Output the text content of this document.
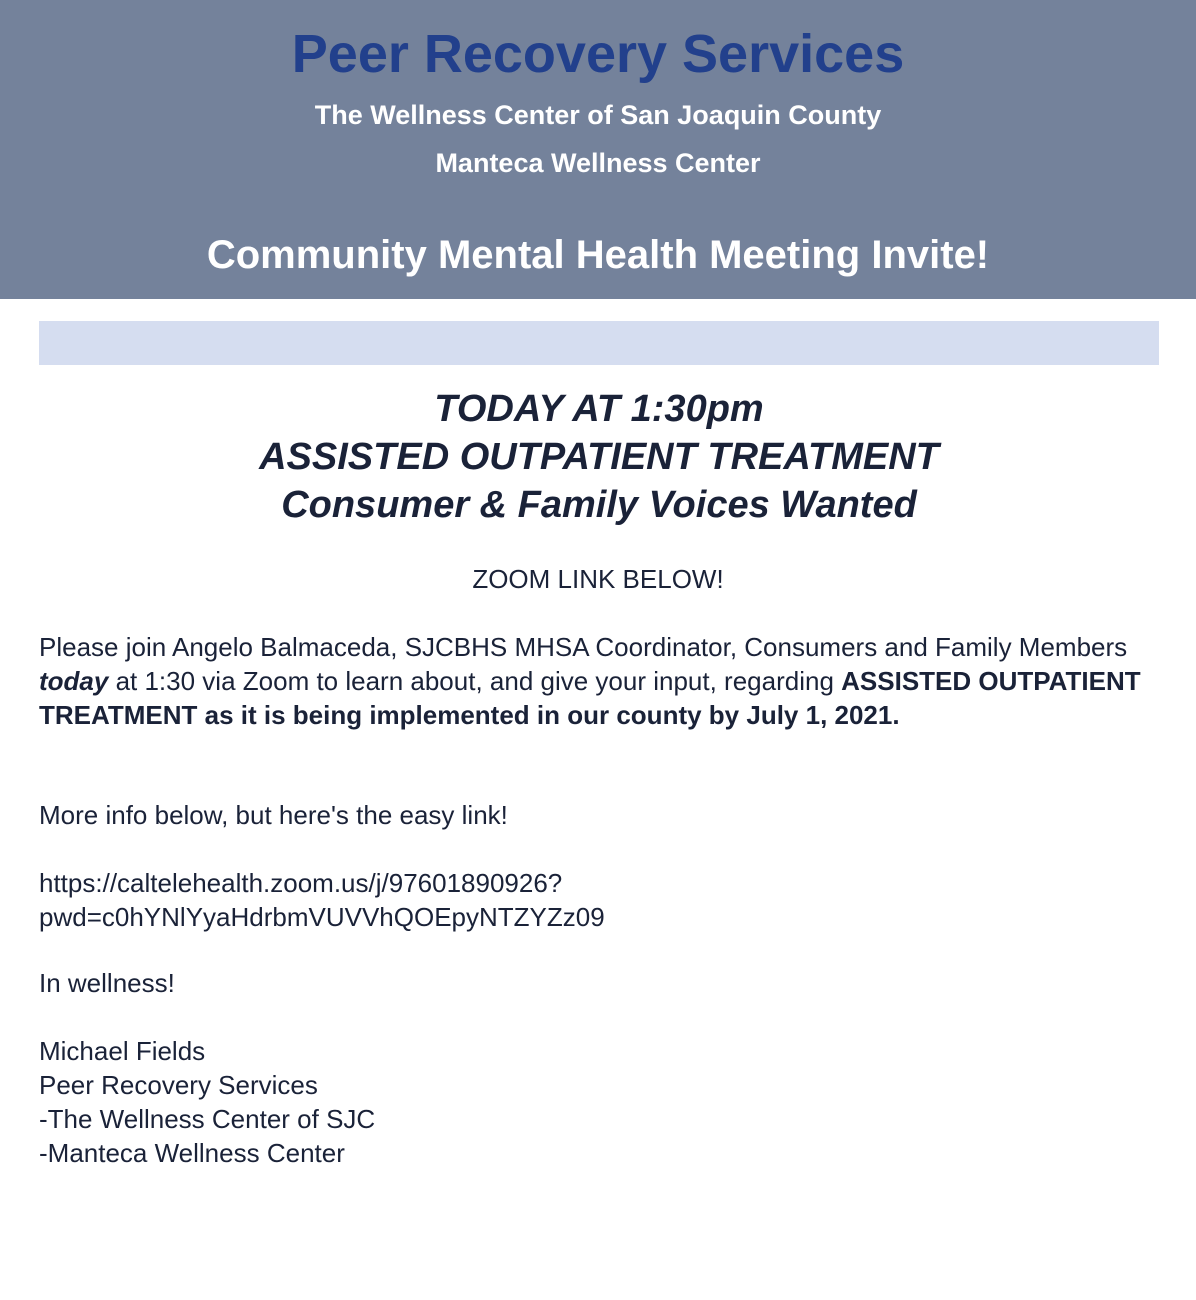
Peer Recovery Services
The Wellness Center of San Joaquin County
Manteca Wellness Center
Community Mental Health Meeting Invite!
TODAY AT 1:30pm
ASSISTED OUTPATIENT TREATMENT
Consumer & Family Voices Wanted
ZOOM LINK BELOW!
Please join Angelo Balmaceda, SJCBHS MHSA Coordinator, Consumers and Family Members today at 1:30 via Zoom to learn about, and give your input, regarding ASSISTED OUTPATIENT TREATMENT as it is being implemented in our county by July 1, 2021.
More info below, but here's the easy link!
https://caltelehealth.zoom.us/j/97601890926?
pwd=c0hYNlYyaHdrbmVUVVhQOEpyNTZYZz09
In wellness!
Michael Fields
Peer Recovery Services
-The Wellness Center of SJC
-Manteca Wellness Center
